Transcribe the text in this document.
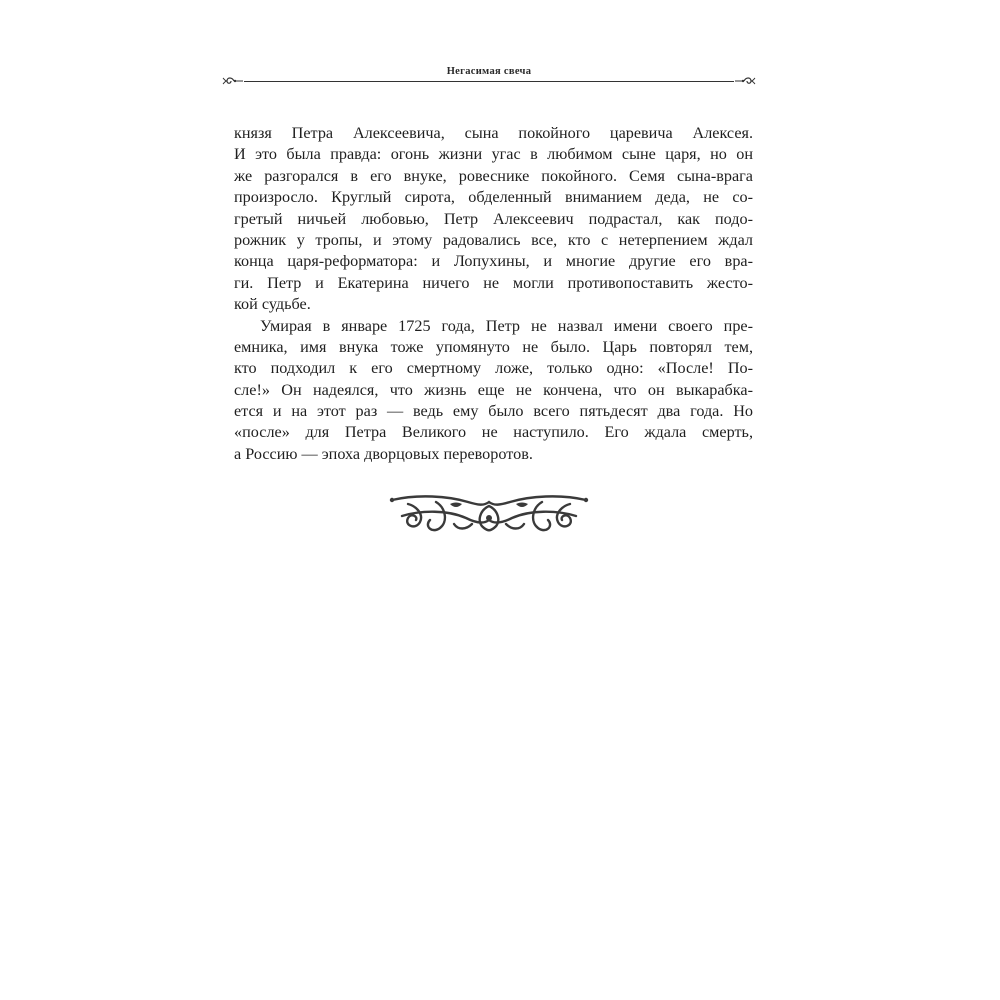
Негасимая свеча
князя Петра Алексеевича, сына покойного царевича Алексея.
И это была правда: огонь жизни угас в любимом сыне царя, но он
же разгорался в его внуке, ровеснике покойного. Семя сына-врага
произросло. Круглый сирота, обделенный вниманием деда, не со-
гретый ничьей любовью, Петр Алексеевич подрастал, как подо-
рожник у тропы, и этому радовались все, кто с нетерпением ждал
конца царя-реформатора: и Лопухины, и многие другие его вра-
ги. Петр и Екатерина ничего не могли противопоставить жесто-
кой судьбе.
Умирая в январе 1725 года, Петр не назвал имени своего пре-
емника, имя внука тоже упомянуто не было. Царь повторял тем,
кто подходил к его смертному ложе, только одно: «После! По-
сле!» Он надеялся, что жизнь еще не кончена, что он выкарабка-
ется и на этот раз — ведь ему было всего пятьдесят два года. Но
«после» для Петра Великого не наступило. Его ждала смерть,
а Россию — эпоха дворцовых переворотов.
